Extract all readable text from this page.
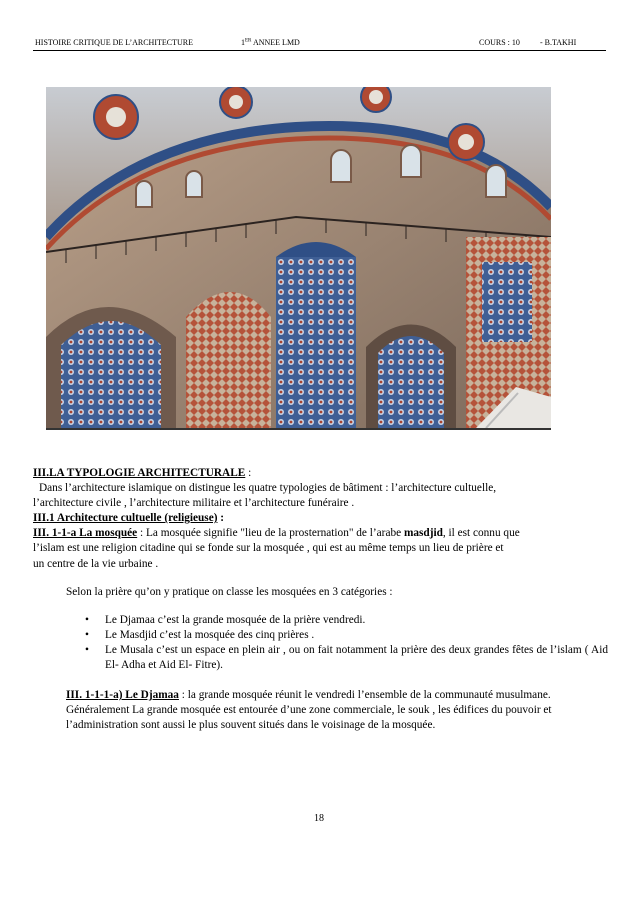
HISTOIRE CRITIQUE DE L’ARCHITECTURE	1ER ANNEE LMD	COURS : 10	- B.TAKHI

III.LA TYPOLOGIE ARCHITECTURALE :

Dans l’architecture islamique on distingue les quatre typologies de bâtiment : l’architecture cultuelle,

l’architecture civile , l’architecture militaire et l’architecture funéraire .

III.1 Architecture cultuelle (religieuse) :

III. 1-1-a La mosquée : La mosquée signifie "lieu de la prosternation" de l’arabe masdjid, il est connu que

l’islam est une religion citadine qui se fonde sur la mosquée , qui est au même temps un lieu de prière et

un centre de la vie urbaine .

Selon la prière qu’on y pratique on classe les mosquées en 3 catégories :

• Le Djamaa c’est la grande mosquée de la prière vendredi.
• Le Masdjid c’est la mosquée des cinq prières .
• Le Musala c’est un espace en plein air , ou on fait notamment la prière des deux grandes fêtes de l’islam ( Aid El- Adha et Aid El- Fitre).

III. 1-1-1-a) Le Djamaa : la grande mosquée réunit le vendredi l’ensemble de la communauté musulmane. Généralement La grande mosquée est entourée d’une zone commerciale, le souk , les édifices du pouvoir et l’administration sont aussi le plus souvent situés dans le voisinage de la mosquée.

18
